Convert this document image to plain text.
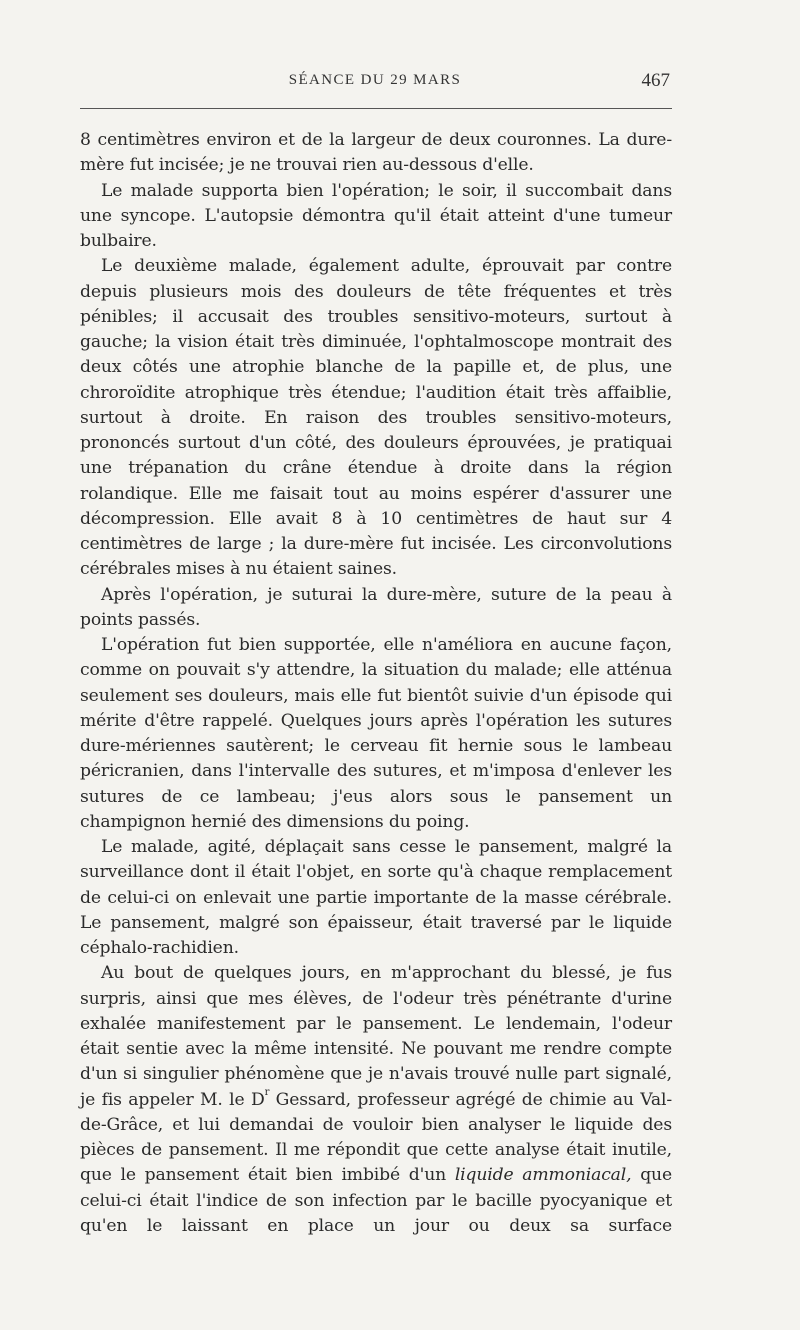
SÉANCE DU 29 MARS	467

8 centimètres environ et de la largeur de deux couronnes. La dure-mère fut incisée; je ne trouvai rien au-dessous d'elle.

Le malade supporta bien l'opération; le soir, il succombait dans une syncope. L'autopsie démontra qu'il était atteint d'une tumeur bulbaire.

Le deuxième malade, également adulte, éprouvait par contre depuis plusieurs mois des douleurs de tête fréquentes et très pénibles; il accusait des troubles sensitivo-moteurs, surtout à gauche; la vision était très diminuée, l'ophtalmoscope montrait des deux côtés une atrophie blanche de la papille et, de plus, une chroroïdite atrophique très étendue; l'audition était très affaiblie, surtout à droite. En raison des troubles sensitivo-moteurs, prononcés surtout d'un côté, des douleurs éprouvées, je pratiquai une trépanation du crâne étendue à droite dans la région rolandique. Elle me faisait tout au moins espérer d'assurer une décompression. Elle avait 8 à 10 centimètres de haut sur 4 centimètres de large ; la dure-mère fut incisée. Les circonvolutions cérébrales mises à nu étaient saines.

Après l'opération, je suturai la dure-mère, suture de la peau à points passés.

L'opération fut bien supportée, elle n'améliora en aucune façon, comme on pouvait s'y attendre, la situation du malade; elle atténua seulement ses douleurs, mais elle fut bientôt suivie d'un épisode qui mérite d'être rappelé. Quelques jours après l'opération les sutures dure-mériennes sautèrent; le cerveau fit hernie sous le lambeau péricranien, dans l'intervalle des sutures, et m'imposa d'enlever les sutures de ce lambeau; j'eus alors sous le pansement un champignon hernié des dimensions du poing.

Le malade, agité, déplaçait sans cesse le pansement, malgré la surveillance dont il était l'objet, en sorte qu'à chaque remplacement de celui-ci on enlevait une partie importante de la masse cérébrale. Le pansement, malgré son épaisseur, était traversé par le liquide céphalo-rachidien.

Au bout de quelques jours, en m'approchant du blessé, je fus surpris, ainsi que mes élèves, de l'odeur très pénétrante d'urine exhalée manifestement par le pansement. Le lendemain, l'odeur était sentie avec la même intensité. Ne pouvant me rendre compte d'un si singulier phénomène que je n'avais trouvé nulle part signalé, je fis appeler M. le $D^r$ Gessard, professeur agrégé de chimie au Val-de-Grâce, et lui demandai de vouloir bien analyser le liquide des pièces de pansement. Il me répondit que cette analyse était inutile, que le pansement était bien imbibé d'un liquide ammoniacal, que celui-ci était l'indice de son infection par le bacille pyocyanique et qu'en le laissant en place un jour ou deux sa surface
